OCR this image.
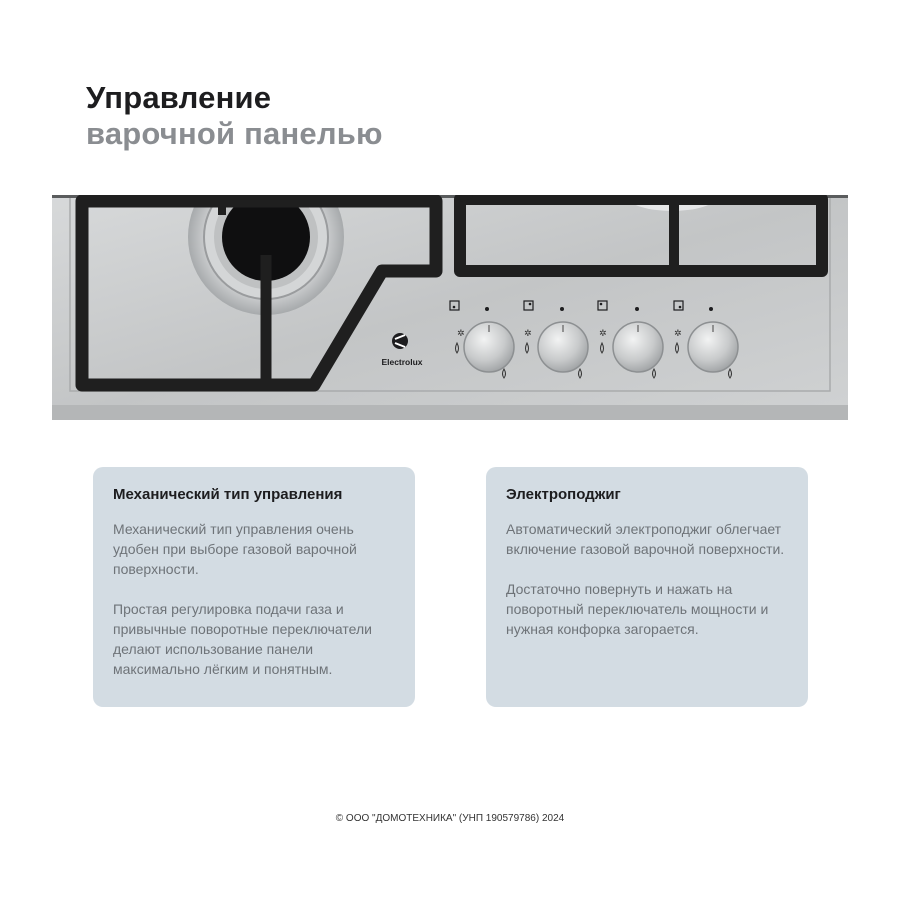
Управление
варочной панелью
Electrolux
✲	✲	✲	✲
Механический тип управления

Механический тип управления очень удобен при выборе газовой варочной поверхности.

Простая регулировка подачи газа и привычные поворотные переключатели делают использование панели максимально лёгким и понятным.

Электроподжиг

Автоматический электроподжиг облегчает включение газовой варочной поверхности.

Достаточно повернуть и нажать на поворотный переключатель мощности и нужная конфорка загорается.

© ООО "ДОМОТЕХНИКА" (УНП 190579786) 2024
